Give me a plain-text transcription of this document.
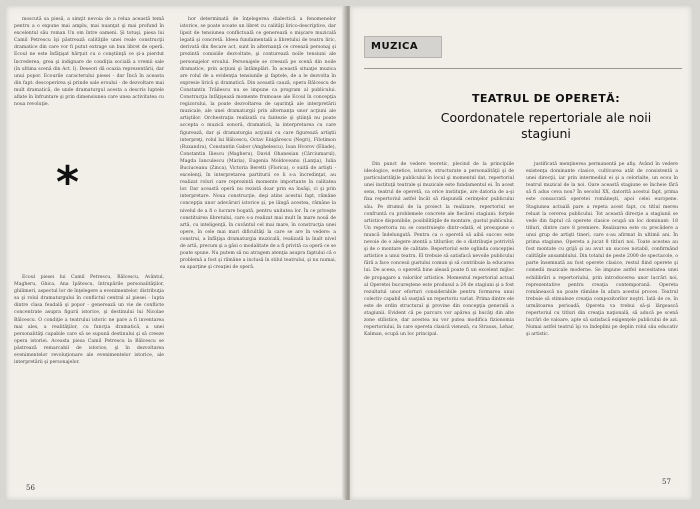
moscută sa piesă, a simţit nevoia de a relua această temă pentru a o expune mai amplu, mai nuanţat şi mai profund în excelentul său roman Un om între oameni. Şi totuşi, piesa lui Camil Petrescu îşi păstrează calităţile unei reale construcţii dramatice din care vor fi putut extrage un bun libret de operă. Ecoul ne este înfăţişat hărţuit cu o conştiinţă ce şi-a pierdut încrederea, grea şi indignare de condiţia socială a vremii sale (în ultima scenă din Act. I). Deseori dă ocazia reprezentării, dar unui popor. Ecourile caracterului piesei - dar Încă în aceasta din fapt: descoperirea şi prinde sale eroului - de dezvoltare mai mult dramatică, de unde dramaturgul acesta a descris luptele aflate în înfruntare şi prin dimensiunea care unea activitatea cu noua revoluţie.

*

Ecoul piesei lui Camil Petrescu, Bălcescu, Avântul, Magheru, Ghica, Ana Ipătescu, întrupările personalităţilor, ghilimeri, aspectul lor de înţelegere a evenimentelor, distribuţia sa şi rolul dramaturgului în conflictul central al piesei - lupta dintre clasa feudală şi popor - generează un vie de conflicte concentrate asupra figurii istorice, şi destinului lui Nicolae Bălcescu. O condiţie a teatrului istoric ne pare a fi inventarea mai ales, a realităţilor, cu funcţia dramatică, a unei personalităţi capabile care să se supună destinului şi să creeze opera istoriei. Aceasta piesa Camil Petrescu la Bălcescu se păstrează remarcabil de istorice, şi în dezvoltarea evenimentelor revoluţionare ale evenimentelor istorice, ale interpretării şi personajelor.

hor determinată de înţelegerea dialectică a fenomenelor istorice, se poate scoate un libret cu calităţi lirico-descriptive, dar lipsit de tensiunea conflictuală ce generează o mişcare muzicală legată şi concretă. Ideea fundamentală a libretului de teatru liric, derivată din fiecare act, sunt în alternanţă ce creează personaj şi prezintă comisiile dezvoltate, şi conturează noile tensiuni ale personajelor eroului. Personajele se creează pe scenă din noile dramatice, prin acţiuni şi întâmplări. În această situaţie muzica are rolul de a evidenţia tensiunile şi faptele, de a le dezvolta în expresie lirică şi dramatică. Din această cauză, opera Bălcescu de Constantin Trăilescu nu se impune ca program al publicului. Construcţia înfăţişează momente frumoase ale Ecoul în concepţia regizorului, la poate dezvoltarea de uşurinţă ale interpretării muzicale, ale unei dramaturgii prin alternanţa unor acţiuni ale artiştilor. Orchestraţia realizată cu fantezie şi ştiinţă nu poate accepta o muzică sonoră, dramatică, la interpretarea cu care figurează, dar şi dramaturgia acţiunii cu care figurează artiştii interpreţi, rolul lui Bălcescu, Octav Enigărescu (Negri), Filotimon (Ruxandra), Constantin Gabor (Anghelescu), Ioan Hvorov (Eliade), Constantin Iliescu (Magheru), David Ohanesian (Cârciumarul), Magda Ianculescu (Maria), Eugenia Moldoveanu (Lanţia), Iulia Buciuceanu (Zinca), Victoria Beretti (Florica), o suită de artişti - excelenţi, în interpretarea partiturii ce li s-a încredinţat, au realizat roluri care reprezintă momente importante în calitatea lor. Dar această operă nu rezistă doar prin ea însăşi, ci şi prin interpretare. Noua construcţie, deşi atins acestui fapt, rămâne concepţia unor adevăruri istorice şi, pe lângă acestea, rămâne la nivelul de a fi o lucrare bogată, pentru unitatea lor. În ce priveşte constituirea libretului, care s-a realizat mai mult în mare nouă de artă, cu inteligenţă, în cuvântul cel mai mare, în construcţia unei opere, în cele mai mari dificultăţi la care se are în vedere: a construi, a înfăţişa dramaturgia muzicală, realizată la înalt nivel de artă, precum şi a găsi o modalitate de a fi privită ca operă ce se poate spune. Nu putem să nu atragem atenţia asupra faptului că o problemă a fost şi rămâne a inclusă în stilul teatrului, şi nu numai, ea aparţine şi creaţiei de operă.

56
MUZICA
TEATRUL DE OPERETĂ:
Coordonatele repertoriale ale noii stagiuni

Din punct de vedere teoretic, plecind de la principiile ideologice, estetice, istorice, structurate a personalităţii şi de particularităţile publicului în locul şi momentul dat, repertoriul unei instituţii teatrale şi muzicale este fundamentul ei. În acest sens, teatrul de operetă, ca orice instituţie, are datoria de a-şi fixa repertoriul astfel încât să răspundă cerinţelor publicului său. Pe drumul de la proiect la realizare, repertoriul se confruntă cu problemele concrete ale fiecărei stagiuni: forţele artistice disponibile, posibilităţile de montare, gustul publicului. Un repertoriu nu se construieşte dintr-odată, el presupune o muncă îndelungată. Pentru ca o operetă să aibă succes este nevoie de o alegere atentă a titlurilor, de o distribuţie potrivită şi de o montare de calitate. Repertoriul este oglinda concepţiei artistice a unui teatru. El trebuie să satisfacă nevoile publicului fără a face concesii gustului comun şi să contribuie la educarea lui. De aceea, o operetă bine aleasă poate fi un excelent mijloc de propagare a valorilor artistice. Momentul repertorial actual al Operetei bucureştene este produsul a 24 de stagiuni şi a fost rezultatul unor eforturi considerabile pentru formarea unui colectiv capabil să susţină un repertoriu variat. Prima dintre ele este de ordin structural şi provine din concepţia generală a stagiunii. Evident că pe parcurs vor apărea şi bucăţi din alte zone stilistice, dar acestea nu vor putea modifica fizionomia repertoriului, în care opereta clasică vieneză, cu Strauss, Lehar, Kalman, ocupă un loc principal.

justificată menţinerea permanentă pe afiş. Având în vedere existenţa dominante clasice, cultivarea atât de consistentă a unei direcţii, iar prin intermediul ei şi a celorlalte, un ecou în teatrul muzical de la noi. Oare această stagiune se încheie fără să fi adus ceva nou? În secolul XX, datorită acestui fapt, prima este consacrată operetei româneşti, apoi celei europene. Stagiunea actuală pare a repeta acest fapt, cu titlul mereu reluat la cererea publicului. Tot această direcţie a stagiunii se vede din faptul că operete clasice ocupă un loc dominant: 18 titluri, dintre care 8 premiere. Realizarea este cu precădere a unui grup de artişti tineri, care s-au afirmat în ultimii ani. În prima stagiune, Opereta a jucat 8 titluri noi. Toate acestea au fost montate cu grijă şi au avut un succes notabil, confirmând calităţile ansamblului. Din totalul de peste 2000 de spectacole, o parte însemnată au fost operete clasice, restul fiind operete şi comedii muzicale moderne. Se impune astfel necesitatea unei echilibrări a repertoriului, prin introducerea unor lucrări noi, reprezentative pentru creaţia contemporană. Opereta românească nu poate rămâne în afara acestui proces. Teatrul trebuie să stimuleze creaţia compozitorilor noştri. Iată de ce, în următoarea perioadă, Opereta va trebui să-şi lărgească repertoriul cu titluri din creaţia naţională, să aducă pe scenă lucrări de valoare, apte să satisfacă exigenţele publicului de azi. Numai astfel teatrul îşi va îndeplini pe deplin rolul său educativ şi artistic.

57
